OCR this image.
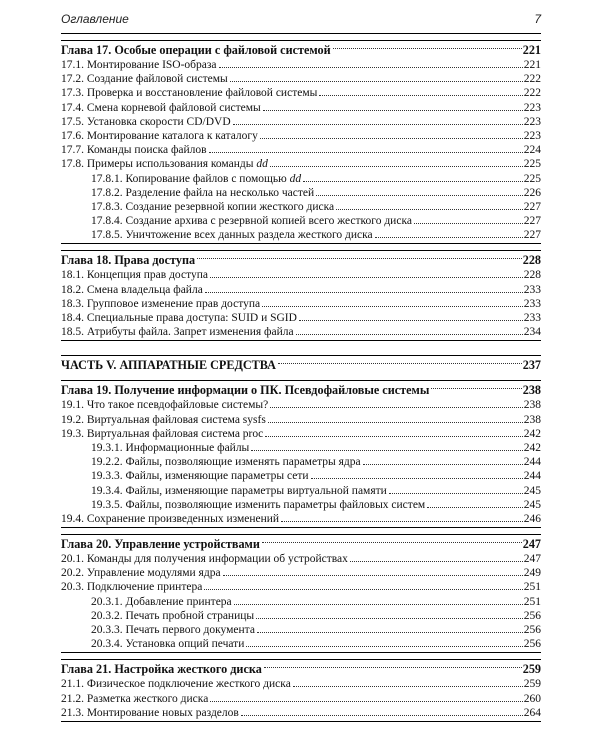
Оглавление	7
Глава 17. Особые операции с файловой системой	221
17.1. Монтирование ISO-образа	221
17.2. Создание файловой системы	222
17.3. Проверка и восстановление файловой системы	222
17.4. Смена корневой файловой системы	223
17.5. Установка скорости CD/DVD	223
17.6. Монтирование каталога к каталогу	223
17.7. Команды поиска файлов	224
17.8. Примеры использования команды dd	225
17.8.1. Копирование файлов с помощью dd	225
17.8.2. Разделение файла на несколько частей	226
17.8.3. Создание резервной копии жесткого диска	227
17.8.4. Создание архива с резервной копией всего жесткого диска	227
17.8.5. Уничтожение всех данных раздела жесткого диска	227
Глава 18. Права доступа	228
18.1. Концепция прав доступа	228
18.2. Смена владельца файла	233
18.3. Групповое изменение прав доступа	233
18.4. Специальные права доступа: SUID и SGID	233
18.5. Атрибуты файла. Запрет изменения файла	234
ЧАСТЬ V. АППАРАТНЫЕ СРЕДСТВА	237
Глава 19. Получение информации о ПК. Псевдофайловые системы	238
19.1. Что такое псевдофайловые системы?	238
19.2. Виртуальная файловая система sysfs	238
19.3. Виртуальная файловая система proc	242
19.3.1. Информационные файлы	242
19.2.2. Файлы, позволяющие изменять параметры ядра	244
19.3.3. Файлы, изменяющие параметры сети	244
19.3.4. Файлы, изменяющие параметры виртуальной памяти	245
19.3.5. Файлы, позволяющие изменить параметры файловых систем	245
19.4. Сохранение произведенных изменений	246
Глава 20. Управление устройствами	247
20.1. Команды для получения информации об устройствах	247
20.2. Управление модулями ядра	249
20.3. Подключение принтера	251
20.3.1. Добавление принтера	251
20.3.2. Печать пробной страницы	256
20.3.3. Печать первого документа	256
20.3.4. Установка опций печати	256
Глава 21. Настройка жесткого диска	259
21.1. Физическое подключение жесткого диска	259
21.2. Разметка жесткого диска	260
21.3. Монтирование новых разделов	264
